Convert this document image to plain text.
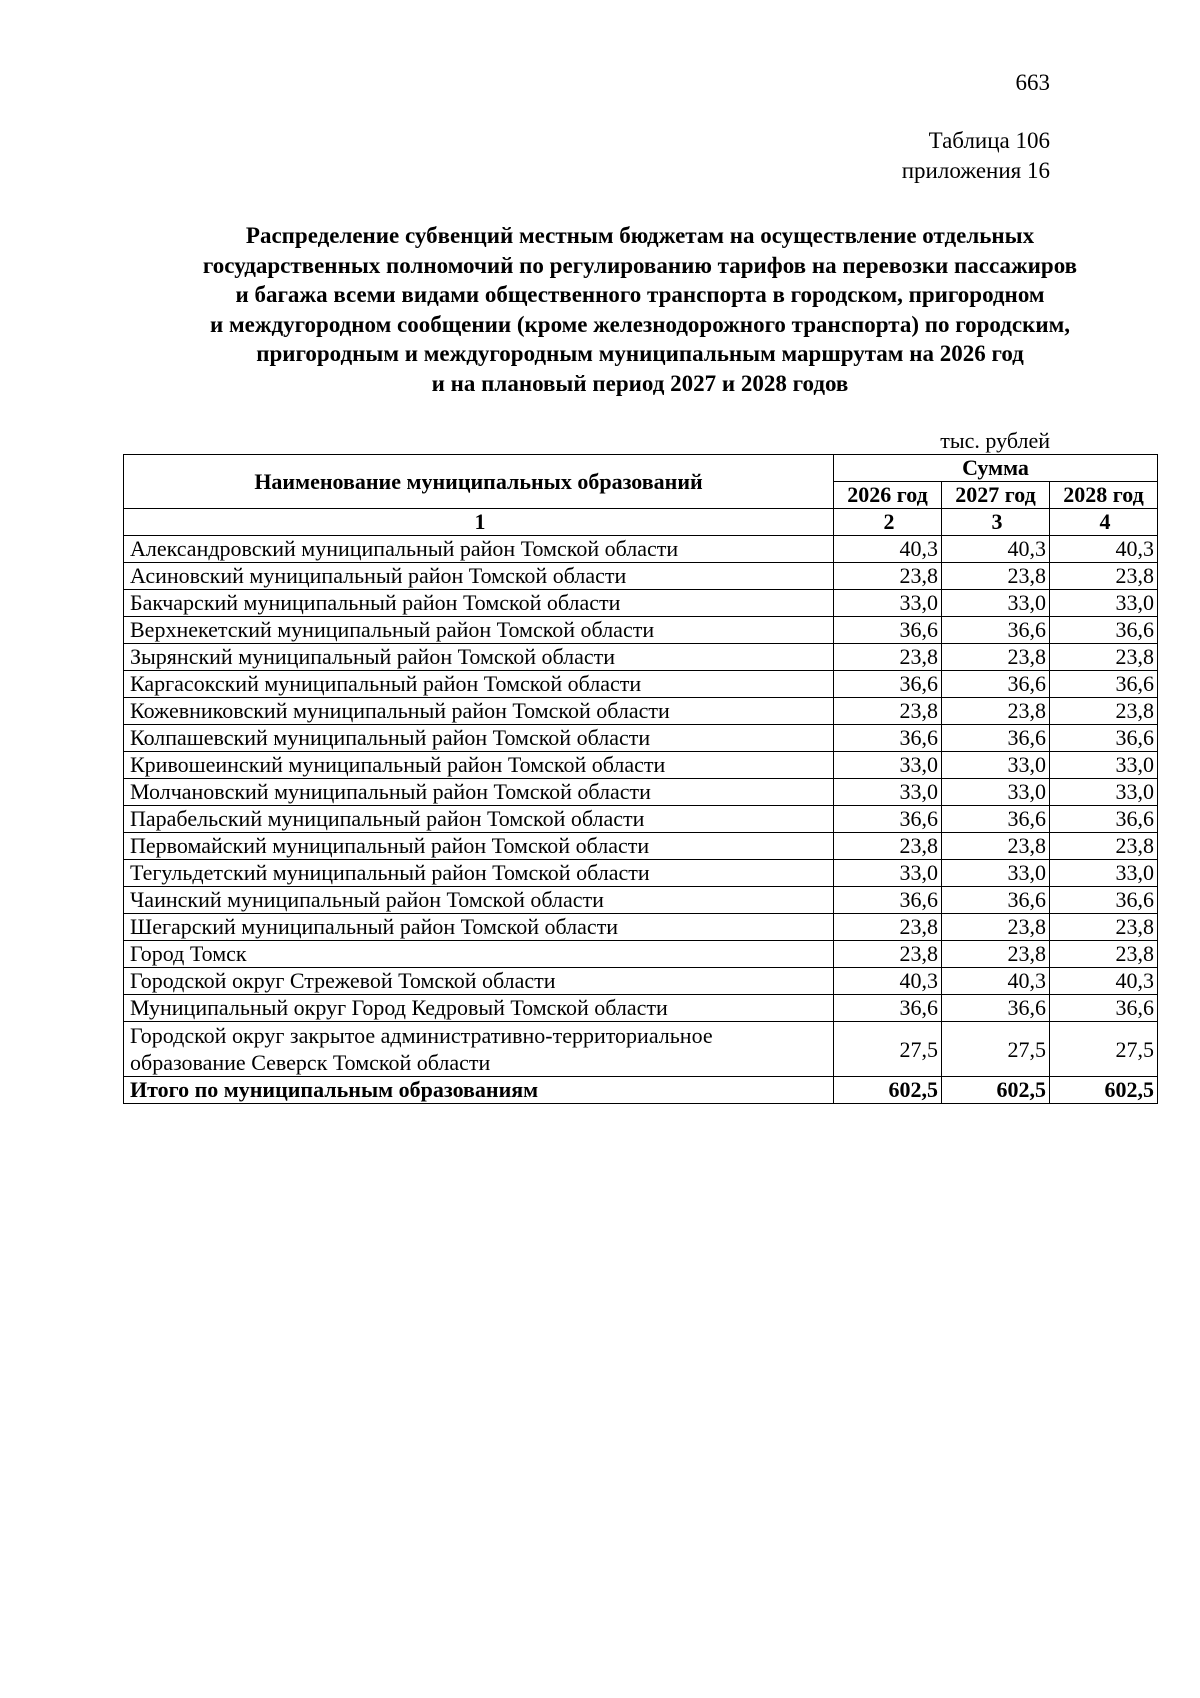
663
Таблица 106
приложения 16
Распределение субвенций местным бюджетам на осуществление отдельных
государственных полномочий по регулированию тарифов на перевозки пассажиров
и багажа всеми видами общественного транспорта в городском, пригородном
и междугородном сообщении (кроме железнодорожного транспорта) по городским,
пригородным и междугородным муниципальным маршрутам на 2026 год
и на плановый период 2027 и 2028 годов
тыс. рублей
Наименование муниципальных образований	Сумма		
	2026 год	2027 год	2028 год
1	2	3	4
Александровский муниципальный район Томской области	40,3	40,3	40,3
Асиновский муниципальный район Томской области	23,8	23,8	23,8
Бакчарский муниципальный район Томской области	33,0	33,0	33,0
Верхнекетский муниципальный район Томской области	36,6	36,6	36,6
Зырянский муниципальный район Томской области	23,8	23,8	23,8
Каргасокский муниципальный район Томской области	36,6	36,6	36,6
Кожевниковский муниципальный район Томской области	23,8	23,8	23,8
Колпашевский муниципальный район Томской области	36,6	36,6	36,6
Кривошеинский муниципальный район Томской области	33,0	33,0	33,0
Молчановский муниципальный район Томской области	33,0	33,0	33,0
Парабельский муниципальный район Томской области	36,6	36,6	36,6
Первомайский муниципальный район Томской области	23,8	23,8	23,8
Тегульдетский муниципальный район Томской области	33,0	33,0	33,0
Чаинский муниципальный район Томской области	36,6	36,6	36,6
Шегарский муниципальный район Томской области	23,8	23,8	23,8
Город Томск	23,8	23,8	23,8
Городской округ Стрежевой Томской области	40,3	40,3	40,3
Муниципальный округ Город Кедровый Томской области	36,6	36,6	36,6

Городской округ закрытое административно-территориальное
образование Северск Томской области	27,5	27,5	27,5
Итого по муниципальным образованиям	602,5	602,5	602,5
